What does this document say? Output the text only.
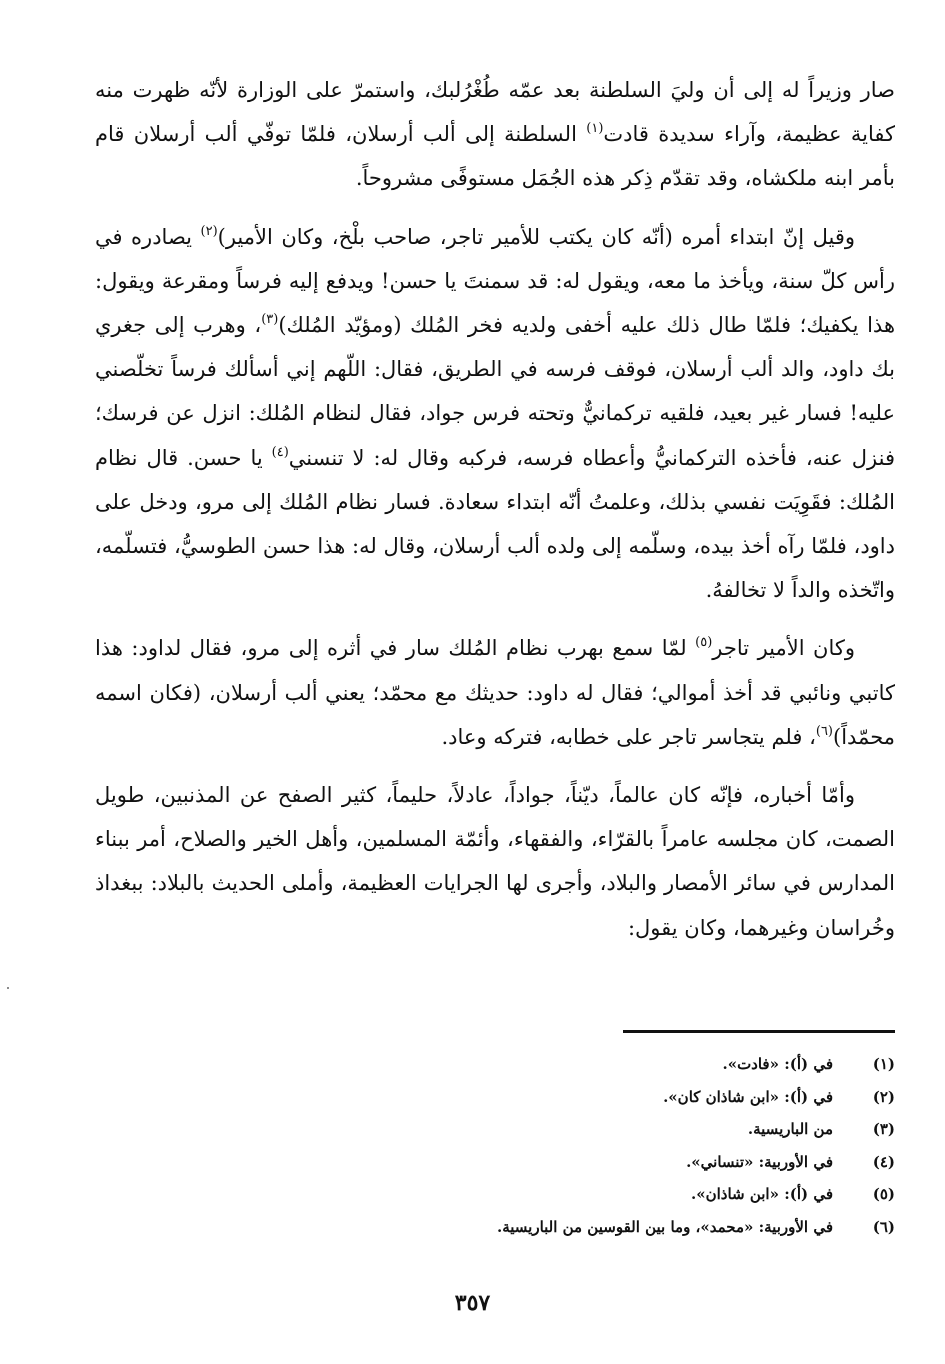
صار وزيراً له إلى أن وليَ السلطنة بعد عمّه طُغْرُلبك، واستمرّ على الوزارة لأنّه ظهرت منه كفاية عظيمة، وآراء سديدة قادت$^{(١)}$ السلطنة إلى ألب أرسلان، فلمّا توفّي ألب أرسلان قام بأمر ابنه ملكشاه، وقد تقدّم ذِكر هذه الجُمَل مستوفًى مشروحاً.

وقيل إنّ ابتداء أمره (أنّه كان يكتب للأمير تاجر، صاحب بلْخ، وكان الأمير)$^{(٢)}$ يصادره في رأس كلّ سنة، ويأخذ ما معه، ويقول له: قد سمنتَ يا حسن! ويدفع إليه فرساً ومقرعة ويقول: هذا يكفيك؛ فلمّا طال ذلك عليه أخفى ولديه فخر المُلك (ومؤيّد المُلك)$^{(٣)}$، وهرب إلى جغري بك داود، والد ألب أرسلان، فوقف فرسه في الطريق، فقال: اللّهم إني أسألك فرساً تخلّصني عليه! فسار غير بعيد، فلقيه تركمانيٌّ وتحته فرس جواد، فقال لنظام المُلك: انزل عن فرسك؛ فنزل عنه، فأخذه التركمانيُّ وأعطاه فرسه، فركبه وقال له: لا تنسني$^{(٤)}$ يا حسن. قال نظام المُلك: فقَوِيَت نفسي بذلك، وعلمتُ أنّه ابتداء سعادة. فسار نظام المُلك إلى مرو، ودخل على داود، فلمّا رآه أخذ بيده، وسلّمه إلى ولده ألب أرسلان، وقال له: هذا حسن الطوسيُّ، فتسلّمه، واتّخذه والداً لا تخالفهُ.

وكان الأمير تاجر$^{(٥)}$ لمّا سمع بهرب نظام المُلك سار في أثره إلى مرو، فقال لداود: هذا كاتبي ونائبي قد أخذ أموالي؛ فقال له داود: حديثك مع محمّد؛ يعني ألب أرسلان، (فكان اسمه محمّداً)$^{(٦)}$، فلم يتجاسر تاجر على خطابه، فتركه وعاد.

وأمّا أخباره، فإنّه كان عالماً، ديّناً، جواداً، عادلاً، حليماً، كثير الصفح عن المذنبين، طويل الصمت، كان مجلسه عامراً بالقرّاء، والفقهاء، وأئمّة المسلمين، وأهل الخير والصلاح، أمر ببناء المدارس في سائر الأمصار والبلاد، وأجرى لها الجرايات العظيمة، وأملى الحديث بالبلاد: ببغداذ وخُراسان وغيرهما، وكان يقول:

(١)
في (أ): «فادت».
(٢)
في (أ): «ابن شاذان كان».
(٣)
من الباريسية.
(٤)
في الأوربية: «تنساني».
(٥)
في (أ): «ابن شاذان».
(٦)
في الأوربية: «محمد»، وما بين القوسين من الباريسية.
٣٥٧
